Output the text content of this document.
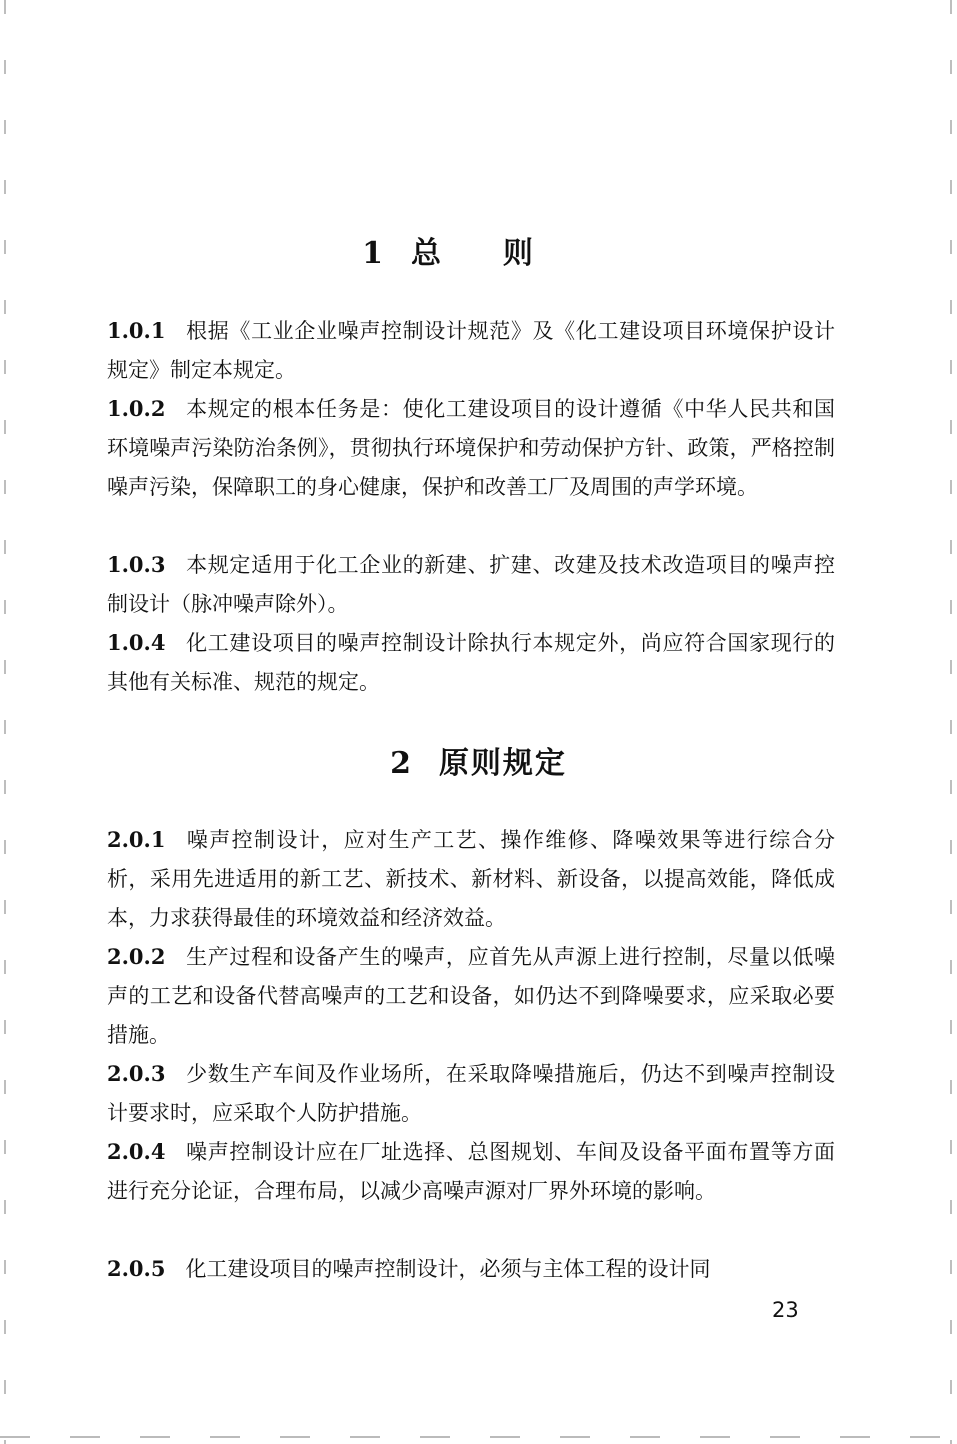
1 总则

1.0.1 根据《工业企业噪声控制设计规范》及《化工建设项目环境保护设计规定》制定本规定。

1.0.2 本规定的根本任务是：使化工建设项目的设计遵循《中华人民共和国环境噪声污染防治条例》，贯彻执行环境保护和劳动保护方针、政策，严格控制噪声污染，保障职工的身心健康，保护和改善工厂及周围的声学环境。

1.0.3 本规定适用于化工企业的新建、扩建、改建及技术改造项目的噪声控制设计（脉冲噪声除外）。

1.0.4 化工建设项目的噪声控制设计除执行本规定外，尚应符合国家现行的其他有关标准、规范的规定。

2 原则规定

2.0.1 噪声控制设计，应对生产工艺、操作维修、降噪效果等进行综合分析，采用先进适用的新工艺、新技术、新材料、新设备，以提高效能，降低成本，力求获得最佳的环境效益和经济效益。

2.0.2 生产过程和设备产生的噪声，应首先从声源上进行控制，尽量以低噪声的工艺和设备代替高噪声的工艺和设备，如仍达不到降噪要求，应采取必要措施。

2.0.3 少数生产车间及作业场所，在采取降噪措施后，仍达不到噪声控制设计要求时，应采取个人防护措施。

2.0.4 噪声控制设计应在厂址选择、总图规划、车间及设备平面布置等方面进行充分论证，合理布局，以减少高噪声源对厂界外环境的影响。

2.0.5 化工建设项目的噪声控制设计，必须与主体工程的设计同

23
